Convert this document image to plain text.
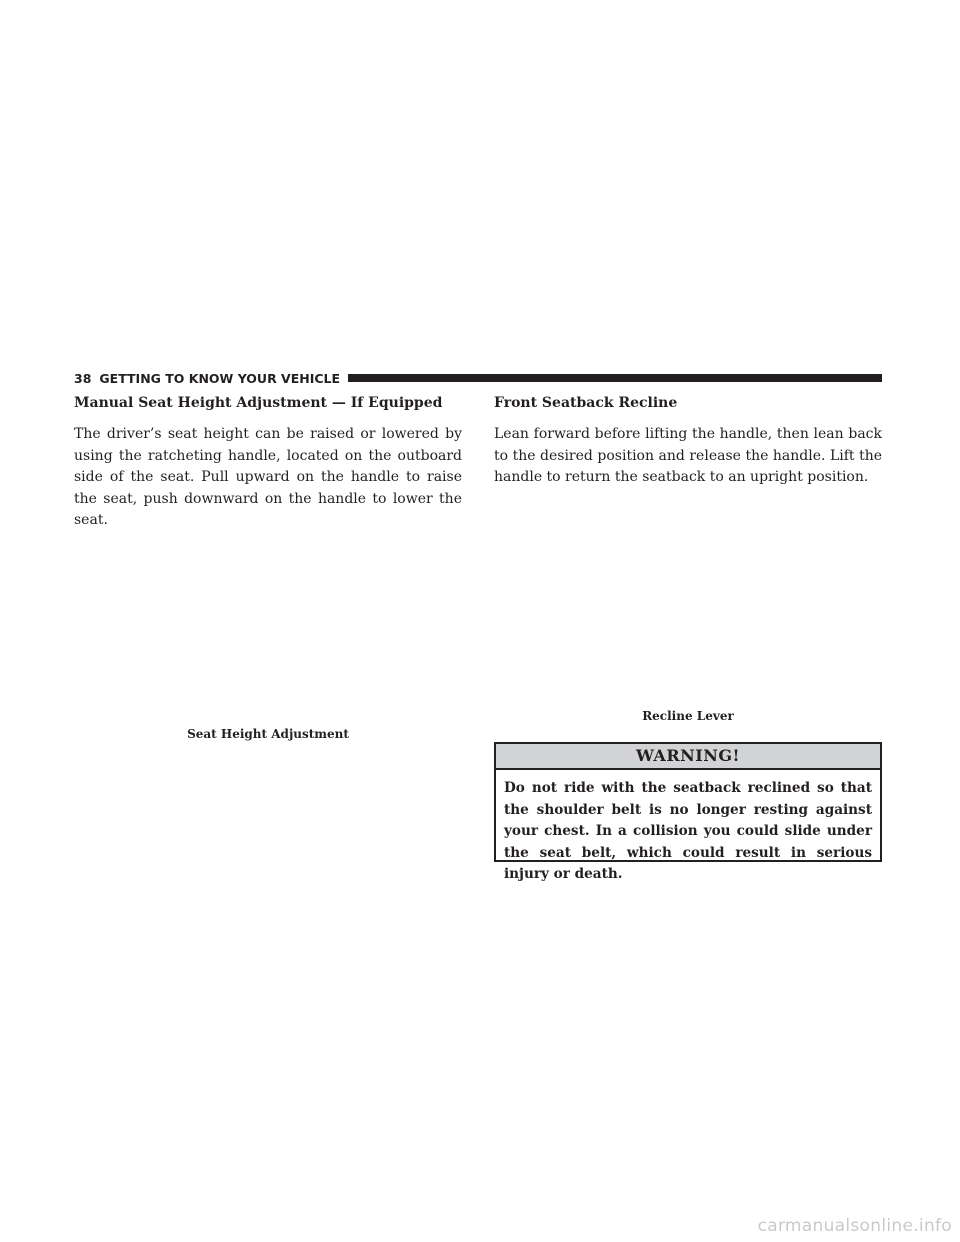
38 GETTING TO KNOW YOUR VEHICLE
Manual Seat Height Adjustment — If Equipped

The driver’s seat height can be raised or lowered by using the ratcheting handle, located on the outboard side of the seat. Pull upward on the handle to raise the seat, push downward on the handle to lower the seat.

Front Seatback Recline

Lean forward before lifting the handle, then lean back to the desired position and release the handle. Lift the handle to return the seatback to an upright position.

Seat Height Adjustment
Recline Lever
WARNING!
Do not ride with the seatback reclined so that the shoulder belt is no longer resting against your chest. In a collision you could slide under the seat belt, which could result in serious injury or death.
carmanualsonline.info
